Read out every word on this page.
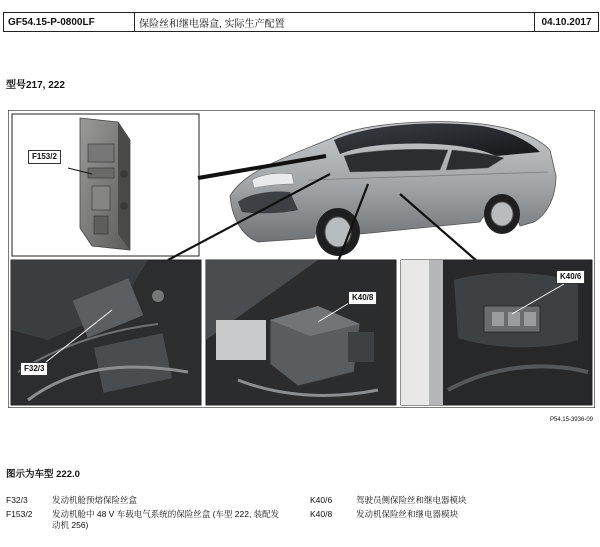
GF54.15-P-0800LF	保险丝和继电器盒, 实际生产配置	04.10.2017
型号217, 222
F153/2
F32/3
K40/8
K40/6
P54.15-3936-09
图示为车型 222.0
F32/3	发动机舱预熔保险丝盒
F153/2 发动机舱中 48 V 车载电气系统的保险丝盒 (车型 222, 装配发动机 256)
K40/6	驾驶员侧保险丝和继电器模块
K40/8	发动机保险丝和继电器模块
